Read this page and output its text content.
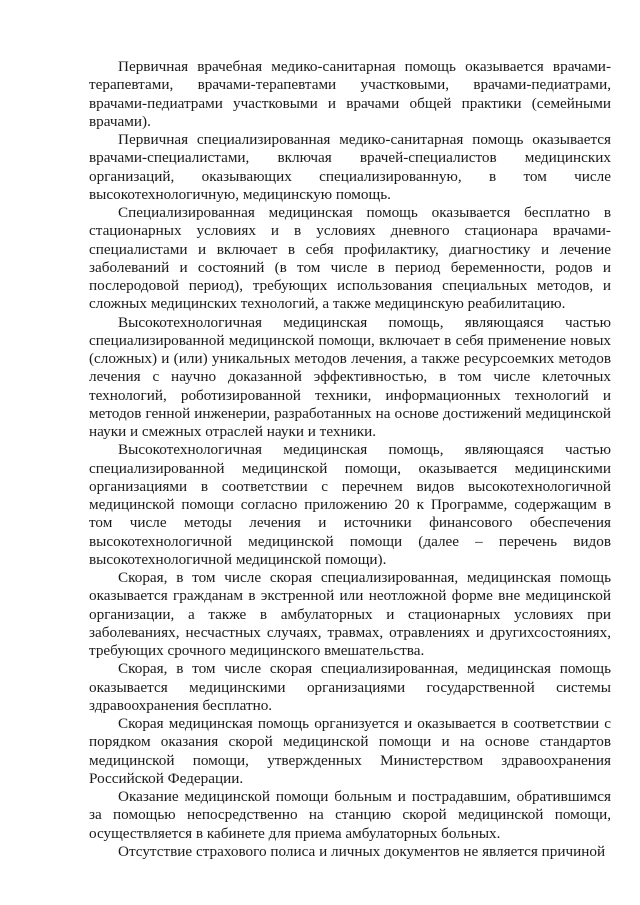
Первичная врачебная медико-санитарная помощь оказывается врачами-терапевтами, врачами-терапевтами участковыми, врачами-педиатрами, врачами-педиатрами участковыми и врачами общей практики (семейными врачами).

Первичная специализированная медико-санитарная помощь оказывается врачами-специалистами, включая врачей-специалистов медицинских организаций, оказывающих специализированную, в том числе высокотехнологичную, медицинскую помощь.

Специализированная медицинская помощь оказывается бесплатно в стационарных условиях и в условиях дневного стационара врачами-специалистами и включает в себя профилактику, диагностику и лечение заболеваний и состояний (в том числе в период беременности, родов и послеродовой период), требующих использования специальных методов, и сложных медицинских технологий, а также медицинскую реабилитацию.

Высокотехнологичная медицинская помощь, являющаяся частью специализированной медицинской помощи, включает в себя применение новых (сложных) и (или) уникальных методов лечения, а также ресурсоемких методов лечения с научно доказанной эффективностью, в том числе клеточных технологий, роботизированной техники, информационных технологий и методов генной инженерии, разработанных на основе достижений медицинской науки и смежных отраслей науки и техники.

Высокотехнологичная медицинская помощь, являющаяся частью специализированной медицинской помощи, оказывается медицинскими организациями в соответствии с перечнем видов высокотехнологичной медицинской помощи согласно приложению 20 к Программе, содержащим в том числе методы лечения и источники финансового обеспечения высокотехнологичной медицинской помощи (далее – перечень видов высокотехнологичной медицинской помощи).

Скорая, в том числе скорая специализированная, медицинская помощь оказывается гражданам в экстренной или неотложной форме вне медицинской организации, а также в амбулаторных и стационарных условиях при заболеваниях, несчастных случаях, травмах, отравлениях и другихсостояниях, требующих срочного медицинского вмешательства.

Скорая, в том числе скорая специализированная, медицинская помощь оказывается медицинскими организациями государственной системы здравоохранения бесплатно.

Скорая медицинская помощь организуется и оказывается в соответствии с порядком оказания скорой медицинской помощи и на основе стандартов медицинской помощи, утвержденных Министерством здравоохранения Российской Федерации.

Оказание медицинской помощи больным и пострадавшим, обратившимся за помощью непосредственно на станцию скорой медицинской помощи, осуществляется в кабинете для приема амбулаторных больных.

Отсутствие страхового полиса и личных документов не является причиной
